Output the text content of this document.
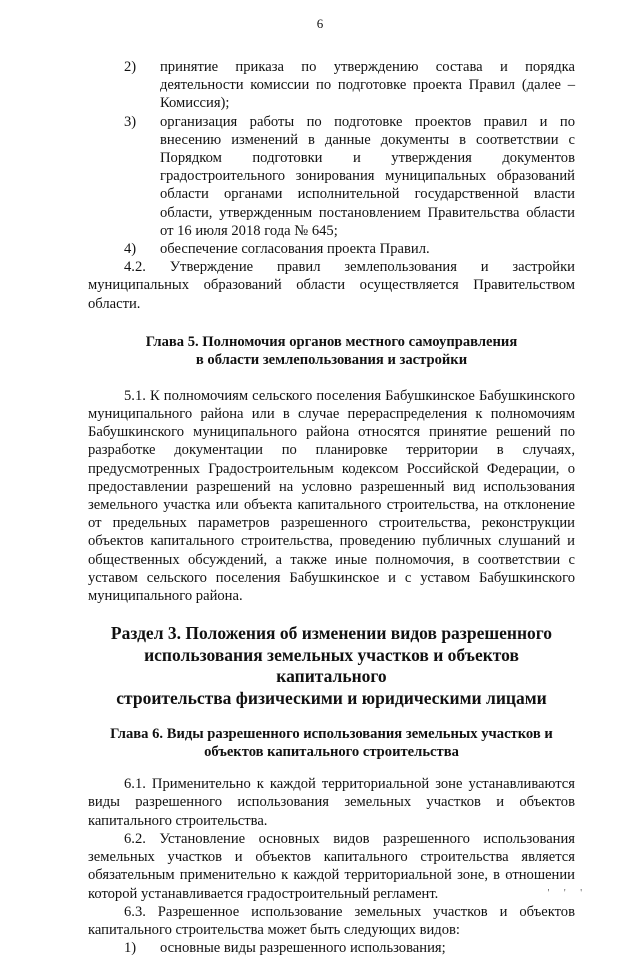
6
2)	принятие приказа по утверждению состава и порядка деятельности комиссии по подготовке проекта Правил (далее – Комиссия);
3)	организация работы по подготовке проектов правил и по внесению изменений в данные документы в соответствии с Порядком подготовки и утверждения документов градостроительного зонирования муниципальных образований области органами исполнительной государственной власти области, утвержденным постановлением Правительства области от 16 июля 2018 года № 645;
4)	обеспечение согласования проекта Правил.

4.2. Утверждение правил землепользования и застройки муниципальных образований области осуществляется Правительством области.

Глава 5. Полномочия органов местного самоуправления
в области землепользования и застройки

5.1. К полномочиям сельского поселения Бабушкинское Бабушкинского муниципального района или в случае перераспределения к полномочиям Бабушкинского муниципального района относятся принятие решений по разработке документации по планировке территории в случаях, предусмотренных Градостроительным кодексом Российской Федерации, о предоставлении разрешений на условно разрешенный вид использования земельного участка или объекта капитального строительства, на отклонение от предельных параметров разрешенного строительства, реконструкции объектов капитального строительства, проведению публичных слушаний и общественных обсуждений, а также иные полномочия, в соответствии с уставом сельского поселения Бабушкинское и с уставом Бабушкинского муниципального района.

Раздел 3. Положения об изменении видов разрешенного
использования земельных участков и объектов капитального
строительства физическими и юридическими лицами
Глава 6. Виды разрешенного использования земельных участков и
объектов капитального строительства

6.1. Применительно к каждой территориальной зоне устанавливаются виды разрешенного использования земельных участков и объектов капитального строительства.

6.2. Установление основных видов разрешенного использования земельных участков и объектов капитального строительства является обязательным применительно к каждой территориальной зоне, в отношении которой устанавливается градостроительный регламент.

6.3. Разрешенное использование земельных участков и объектов капитального строительства может быть следующих видов:

1)	основные виды разрешенного использования;
' ' '
